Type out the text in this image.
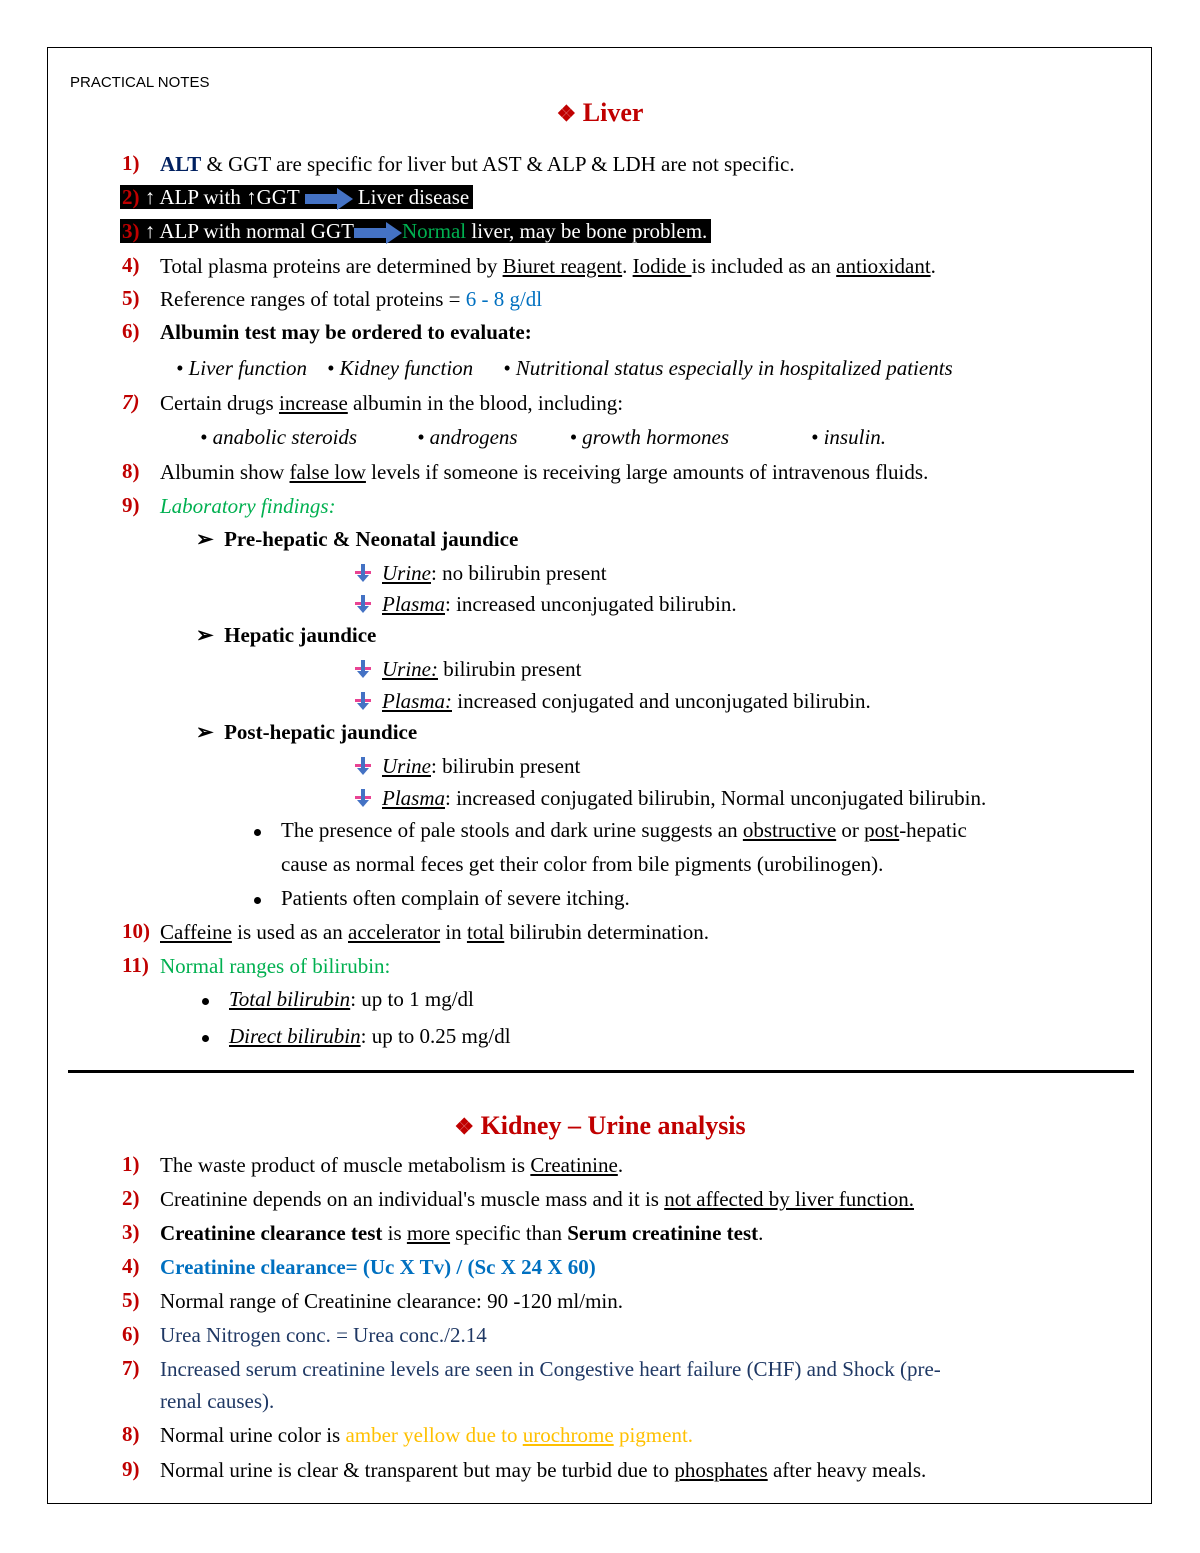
PRACTICAL NOTES
❖ Liver
1) ALT & GGT are specific for liver but AST & ALP & LDH are not specific.
2) ↑ ALP with ↑GGT  Liver disease
3) ↑ ALP with normal GGT Normal liver, may be bone problem.
4) Total plasma proteins are determined by Biuret reagent. Iodide is included as an antioxidant.
5) Reference ranges of total proteins = 6 - 8 g/dl
6) Albumin test may be ordered to evaluate:
• Liver function • Kidney function • Nutritional status especially in hospitalized patients
7) Certain drugs increase albumin in the blood, including:
• anabolic steroids	• androgens • growth hormones	• insulin.
8) Albumin show false low levels if someone is receiving large amounts of intravenous fluids.
9) Laboratory findings:
➢ Pre-hepatic & Neonatal jaundice
Urine: no bilirubin present
Plasma: increased unconjugated bilirubin.
➢ Hepatic jaundice
Urine: bilirubin present
Plasma: increased conjugated and unconjugated bilirubin.
➢ Post-hepatic jaundice
Urine: bilirubin present
Plasma: increased conjugated bilirubin, Normal unconjugated bilirubin.
The presence of pale stools and dark urine suggests an obstructive or post-hepatic
cause as normal feces get their color from bile pigments (urobilinogen).
Patients often complain of severe itching.
10) Caffeine is used as an accelerator in total bilirubin determination.
11) Normal ranges of bilirubin:
Total bilirubin: up to 1 mg/dl
Direct bilirubin: up to 0.25 mg/dl
❖ Kidney – Urine analysis
1) The waste product of muscle metabolism is Creatinine.
2) Creatinine depends on an individual's muscle mass and it is not affected by liver function.
3) Creatinine clearance test is more specific than Serum creatinine test.
4) Creatinine clearance= (Uc X Tv) / (Sc X 24 X 60)
5) Normal range of Creatinine clearance: 90 -120 ml/min.
6) Urea Nitrogen conc. = Urea conc./2.14
7) Increased serum creatinine levels are seen in Congestive heart failure (CHF) and Shock (pre-
renal causes).
8) Normal urine color is amber yellow due to urochrome pigment.
9) Normal urine is clear & transparent but may be turbid due to phosphates after heavy meals.
